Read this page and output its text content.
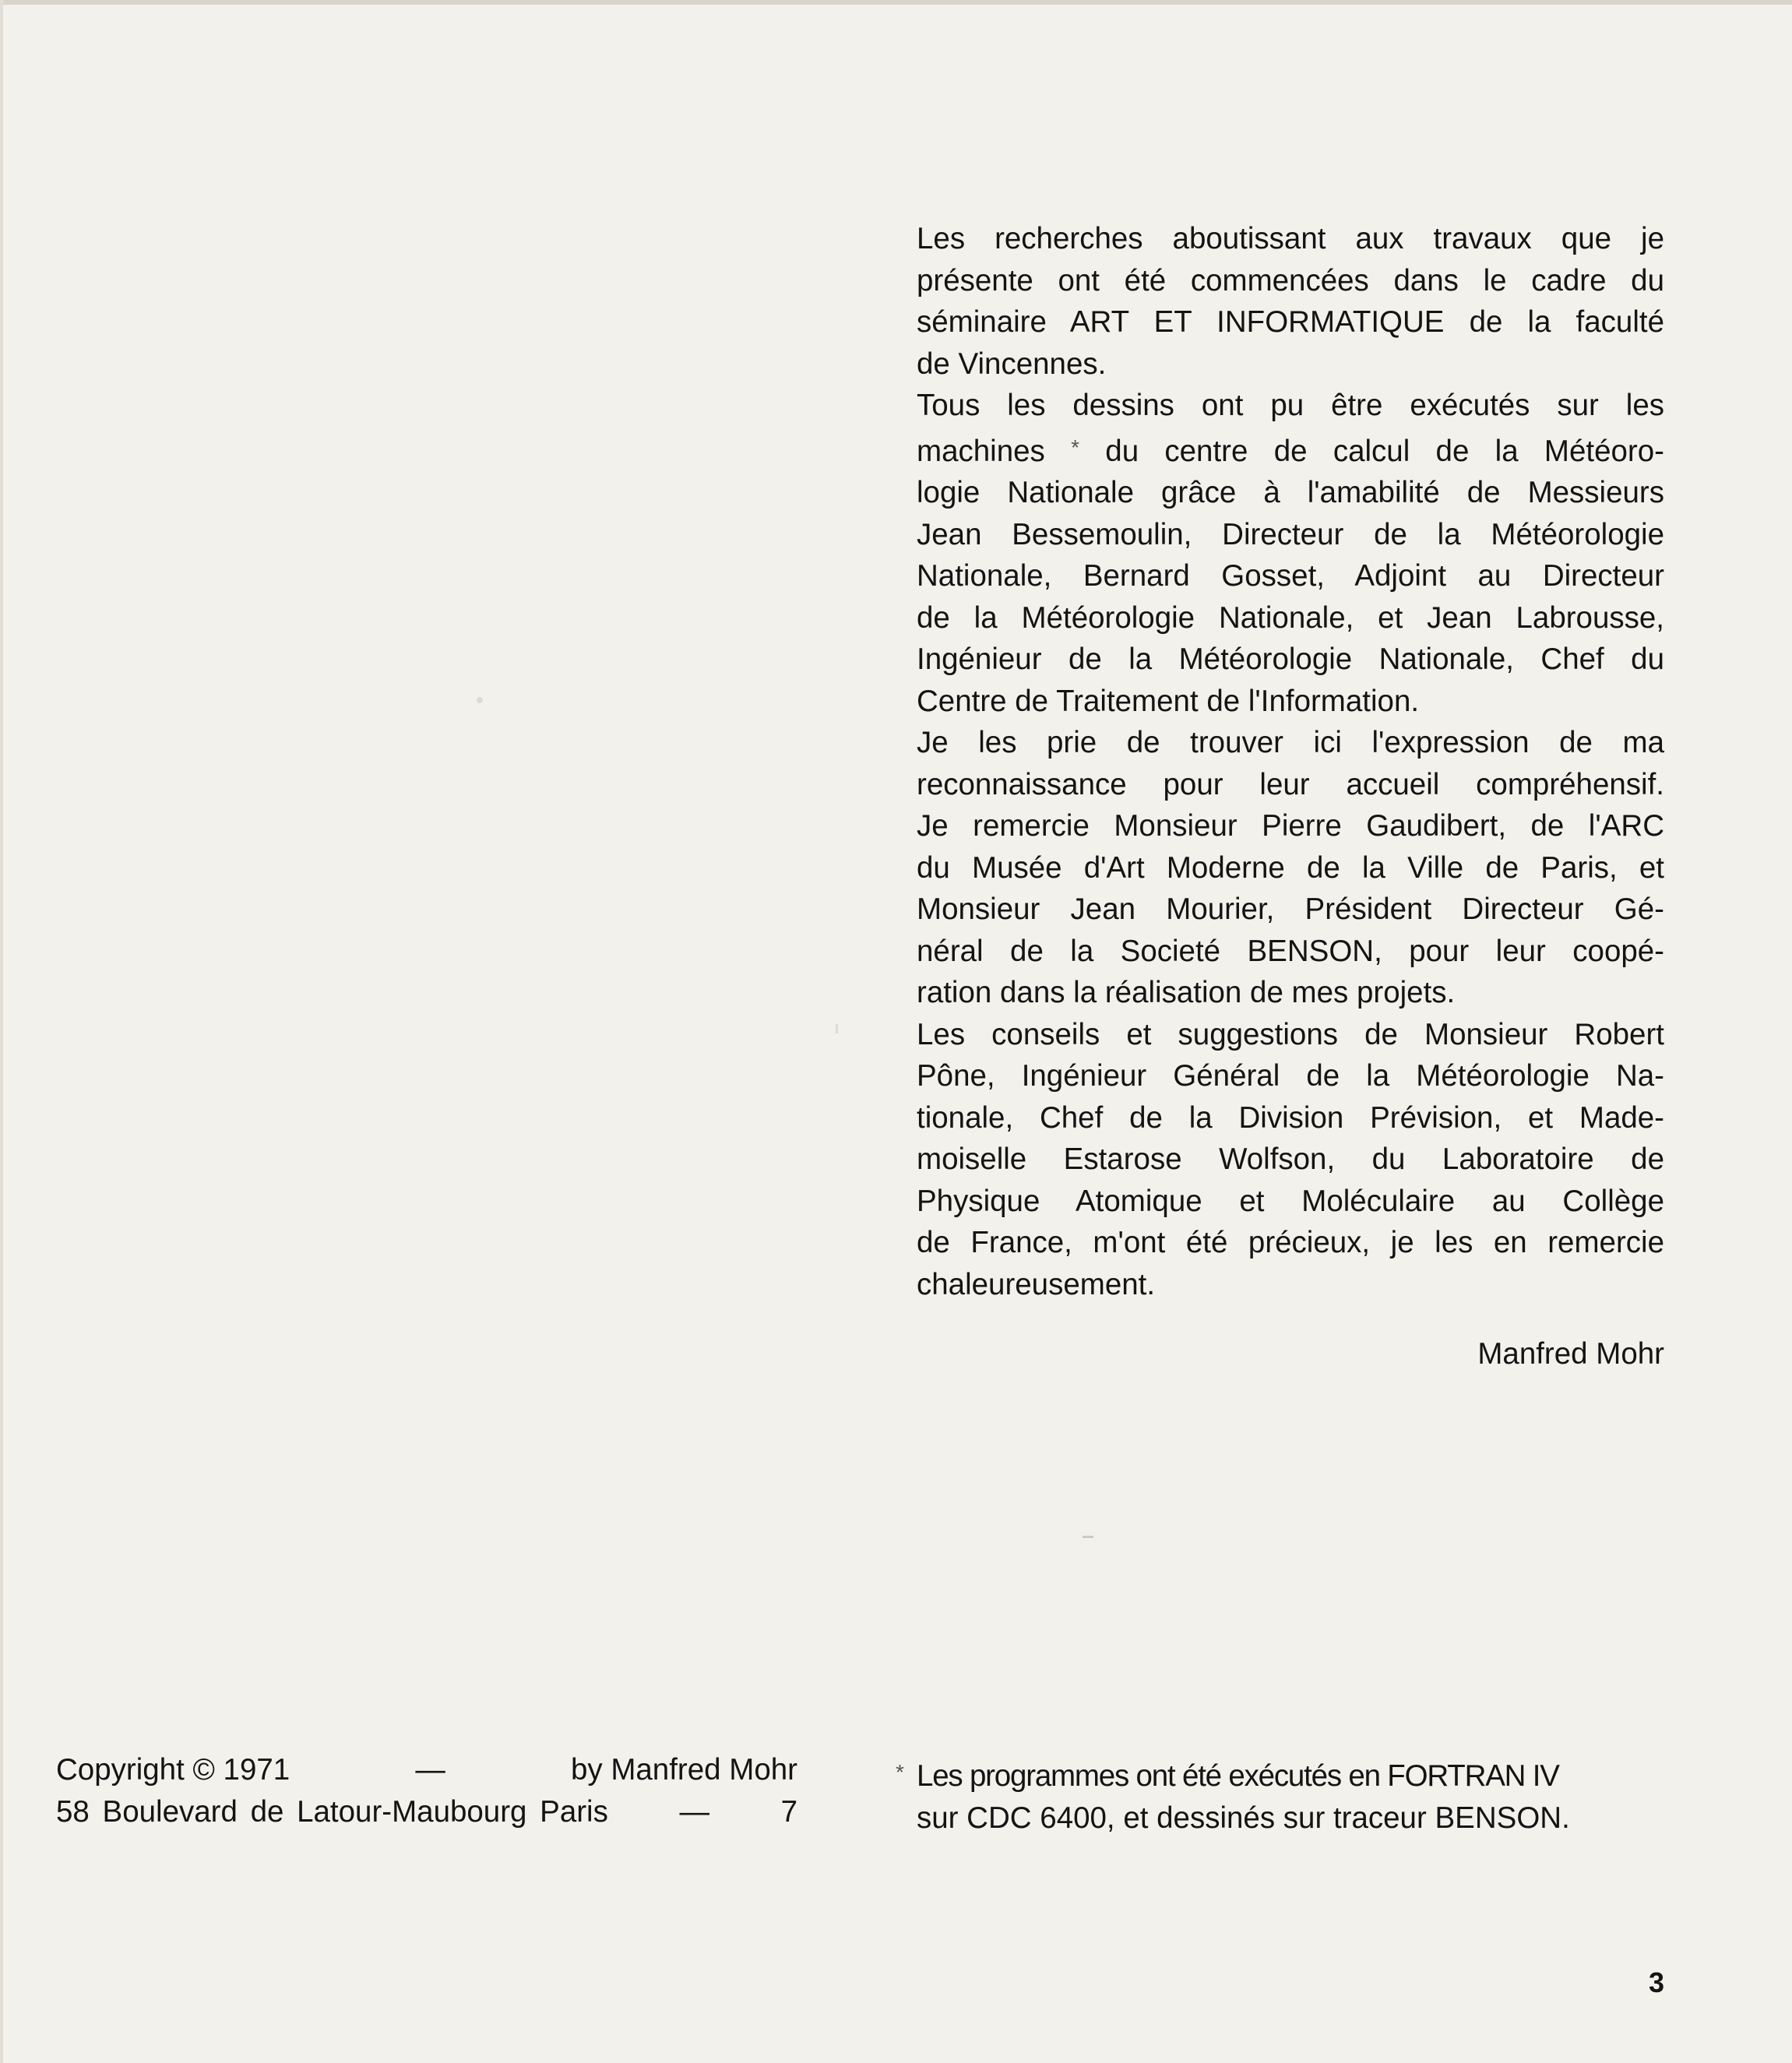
Les recherches aboutissant aux travaux que je
présente ont été commencées dans le cadre du
séminaire ART ET INFORMATIQUE de la faculté
de Vincennes.
Tous les dessins ont pu être exécutés sur les
machines * du centre de calcul de la Météoro-
logie Nationale grâce à l'amabilité de Messieurs
Jean Bessemoulin, Directeur de la Météorologie
Nationale, Bernard Gosset, Adjoint au Directeur
de la Météorologie Nationale, et Jean Labrousse,
Ingénieur de la Météorologie Nationale, Chef du
Centre de Traitement de l'Information.
Je les prie de trouver ici l'expression de ma
reconnaissance pour leur accueil compréhensif.
Je remercie Monsieur Pierre Gaudibert, de l'ARC
du Musée d'Art Moderne de la Ville de Paris, et
Monsieur Jean Mourier, Président Directeur Gé-
néral de la Societé BENSON, pour leur coopé-
ration dans la réalisation de mes projets.
Les conseils et suggestions de Monsieur Robert
Pône, Ingénieur Général de la Météorologie Na-
tionale, Chef de la Division Prévision, et Made-
moiselle Estarose Wolfson, du Laboratoire de
Physique Atomique et Moléculaire au Collège
de France, m'ont été précieux, je les en remercie
chaleureusement.
Manfred Mohr
Copyright © 1971	—	by Manfred Mohr
58 Boulevard de Latour-Maubourg Paris — 7
* Les programmes ont été exécutés en FORTRAN IV
sur CDC 6400, et dessinés sur traceur BENSON.
3
